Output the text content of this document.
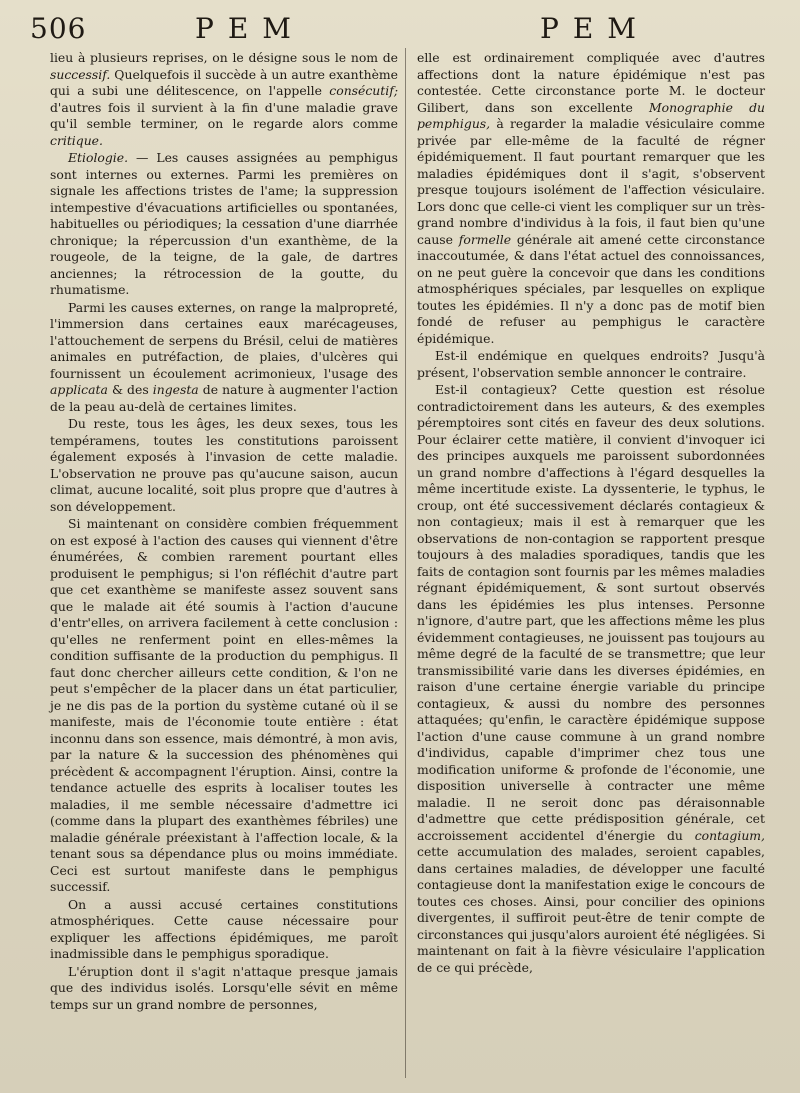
506	PEM	PEM

lieu à plusieurs reprises, on le désigne sous le nom de successif. Quelquefois il succède à un autre exanthème qui a subi une délitescence, on l'appelle consécutif; d'autres fois il survient à la fin d'une maladie grave qu'il semble terminer, on le regarde alors comme critique.

Etiologie. — Les causes assignées au pemphigus sont internes ou externes. Parmi les premières on signale les affections tristes de l'ame; la suppression intempestive d'évacuations artificielles ou spontanées, habituelles ou périodiques; la cessation d'une diarrhée chronique; la répercussion d'un exanthème, de la rougeole, de la teigne, de la gale, de dartres anciennes; la rétrocession de la goutte, du rhumatisme.

Parmi les causes externes, on range la malpropreté, l'immersion dans certaines eaux marécageuses, l'attouchement de serpens du Brésil, celui de matières animales en putréfaction, de plaies, d'ulcères qui fournissent un écoulement acrimonieux, l'usage des applicata & des ingesta de nature à augmenter l'action de la peau au-delà de certaines limites.

Du reste, tous les âges, les deux sexes, tous les tempéramens, toutes les constitutions paroissent également exposés à l'invasion de cette maladie. L'observation ne prouve pas qu'aucune saison, aucun climat, aucune localité, soit plus propre que d'autres à son développement.

Si maintenant on considère combien fréquemment on est exposé à l'action des causes qui viennent d'être énumérées, & combien rarement pourtant elles produisent le pemphigus; si l'on réfléchit d'autre part que cet exanthème se manifeste assez souvent sans que le malade ait été soumis à l'action d'aucune d'entr'elles, on arrivera facilement à cette conclusion : qu'elles ne renferment point en elles-mêmes la condition suffisante de la production du pemphigus. Il faut donc chercher ailleurs cette condition, & l'on ne peut s'empêcher de la placer dans un état particulier, je ne dis pas de la portion du système cutané où il se manifeste, mais de l'économie toute entière : état inconnu dans son essence, mais démontré, à mon avis, par la nature & la succession des phénomènes qui précèdent & accompagnent l'éruption. Ainsi, contre la tendance actuelle des esprits à localiser toutes les maladies, il me semble nécessaire d'admettre ici (comme dans la plupart des exanthèmes fébriles) une maladie générale préexistant à l'affection locale, & la tenant sous sa dépendance plus ou moins immédiate. Ceci est surtout manifeste dans le pemphigus successif.

On a aussi accusé certaines constitutions atmosphériques. Cette cause nécessaire pour expliquer les affections épidémiques, me paroît inadmissible dans le pemphigus sporadique.

L'éruption dont il s'agit n'attaque presque jamais que des individus isolés. Lorsqu'elle sévit en même temps sur un grand nombre de personnes,

elle est ordinairement compliquée avec d'autres affections dont la nature épidémique n'est pas contestée. Cette circonstance porte M. le docteur Gilibert, dans son excellente Monographie du pemphigus, à regarder la maladie vésiculaire comme privée par elle-même de la faculté de régner épidémiquement. Il faut pourtant remarquer que les maladies épidémiques dont il s'agit, s'observent presque toujours isolément de l'affection vésiculaire. Lors donc que celle-ci vient les compliquer sur un très-grand nombre d'individus à la fois, il faut bien qu'une cause formelle générale ait amené cette circonstance inaccoutumée, & dans l'état actuel des connoissances, on ne peut guère la concevoir que dans les conditions atmosphériques spéciales, par lesquelles on explique toutes les épidémies. Il n'y a donc pas de motif bien fondé de refuser au pemphigus le caractère épidémique.

Est-il endémique en quelques endroits? Jusqu'à présent, l'observation semble annoncer le contraire.

Est-il contagieux? Cette question est résolue contradictoirement dans les auteurs, & des exemples péremptoires sont cités en faveur des deux solutions. Pour éclairer cette matière, il convient d'invoquer ici des principes auxquels me paroissent subordonnées un grand nombre d'affections à l'égard desquelles la même incertitude existe. La dyssenterie, le typhus, le croup, ont été successivement déclarés contagieux & non contagieux; mais il est à remarquer que les observations de non-contagion se rapportent presque toujours à des maladies sporadiques, tandis que les faits de contagion sont fournis par les mêmes maladies régnant épidémiquement, & sont surtout observés dans les épidémies les plus intenses. Personne n'ignore, d'autre part, que les affections même les plus évidemment contagieuses, ne jouissent pas toujours au même degré de la faculté de se transmettre; que leur transmissibilité varie dans les diverses épidémies, en raison d'une certaine énergie variable du principe contagieux, & aussi du nombre des personnes attaquées; qu'enfin, le caractère épidémique suppose l'action d'une cause commune à un grand nombre d'individus, capable d'imprimer chez tous une modification uniforme & profonde de l'économie, une disposition universelle à contracter une même maladie. Il ne seroit donc pas déraisonnable d'admettre que cette prédisposition générale, cet accroissement accidentel d'énergie du contagium, cette accumulation des malades, seroient capables, dans certaines maladies, de développer une faculté contagieuse dont la manifestation exige le concours de toutes ces choses. Ainsi, pour concilier des opinions divergentes, il suffiroit peut-être de tenir compte de circonstances qui jusqu'alors auroient été négligées. Si maintenant on fait à la fièvre vésiculaire l'application de ce qui précède,
